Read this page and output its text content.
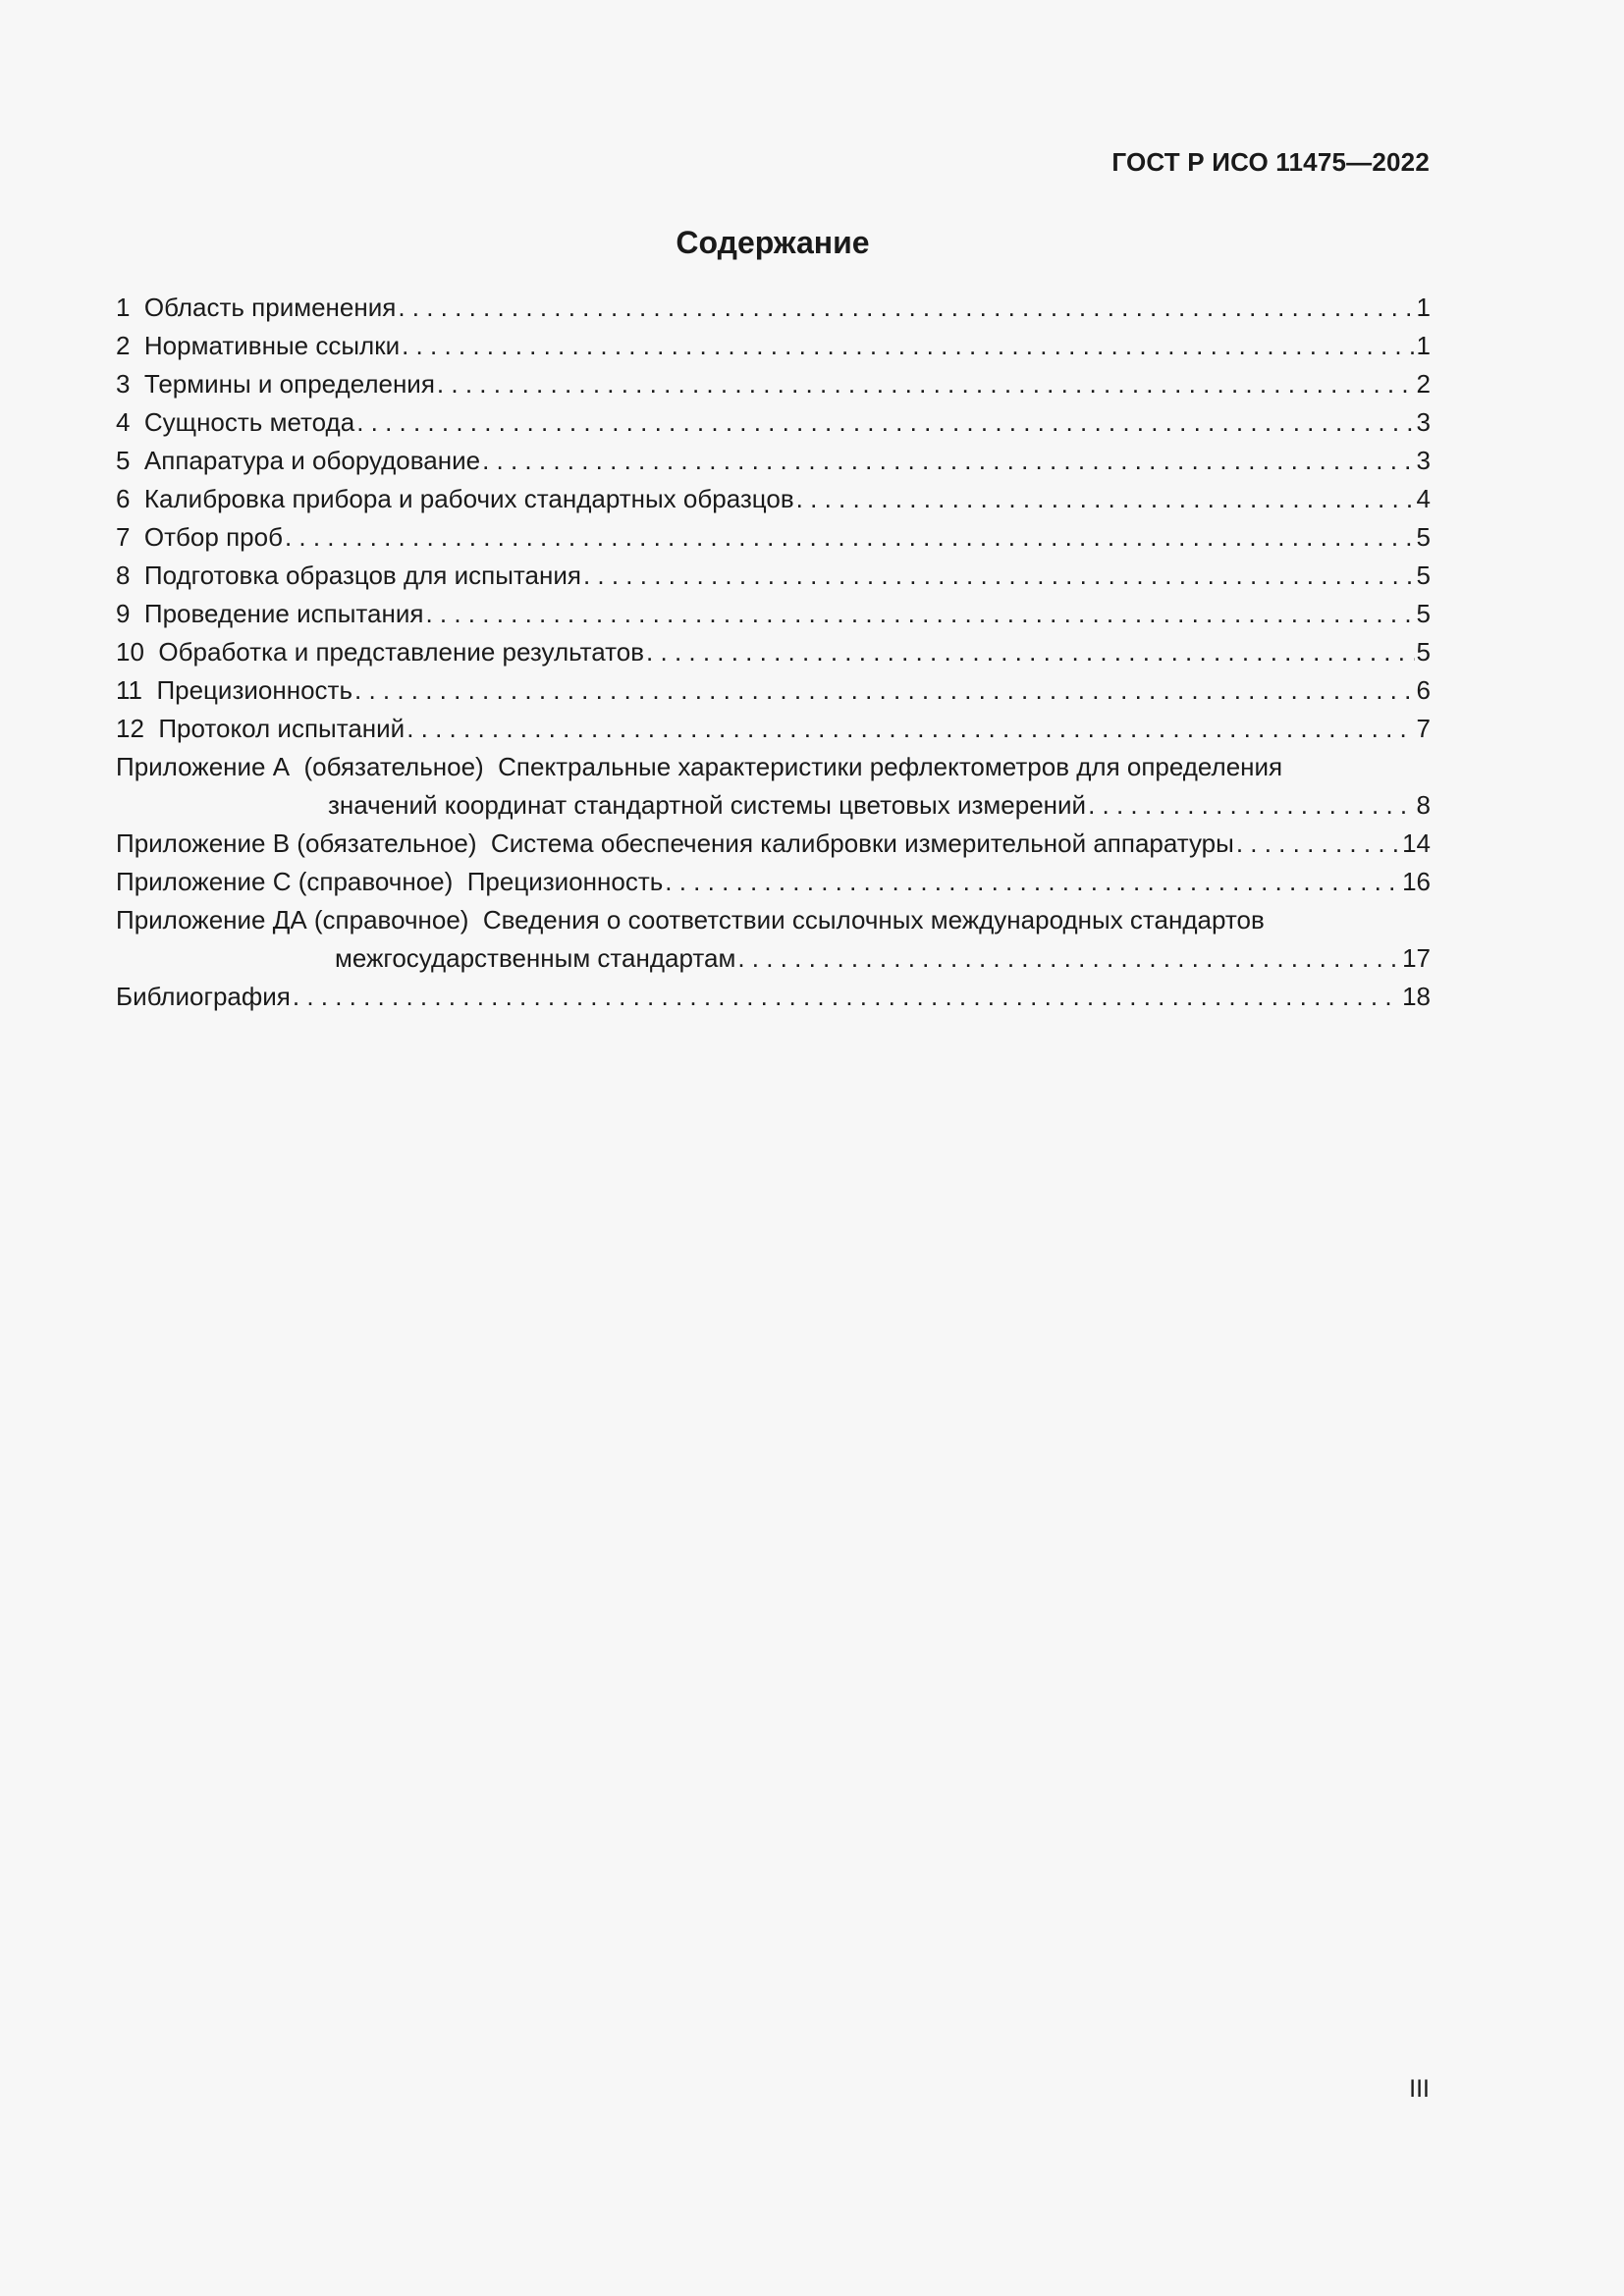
ГОСТ Р ИСО 11475—2022
Содержание
1  Область применения . . .	1
2  Нормативные ссылки . . .	1
3  Термины и определения . . .	2
4  Сущность метода . . .	3
5  Аппаратура и оборудование . . .	3
6  Калибровка прибора и рабочих стандартных образцов . . .	4
7  Отбор проб . . .	5
8  Подготовка образцов для испытания . . .	5
9  Проведение испытания . . .	5
10  Обработка и представление результатов . . .	5
11  Прецизионность . . .	6
12  Протокол испытаний . . .	7
Приложение А  (обязательное)  Спектральные характеристики рефлектометров для определения
значений координат стандартной системы цветовых измерений . . .	8
Приложение В (обязательное)  Система обеспечения калибровки измерительной аппаратуры . . .	14
Приложение С (справочное)  Прецизионность . . .	16
Приложение ДА (справочное)  Сведения о соответствии ссылочных международных стандартов
межгосударственным стандартам . . .	17
Библиография . . .	18
III
